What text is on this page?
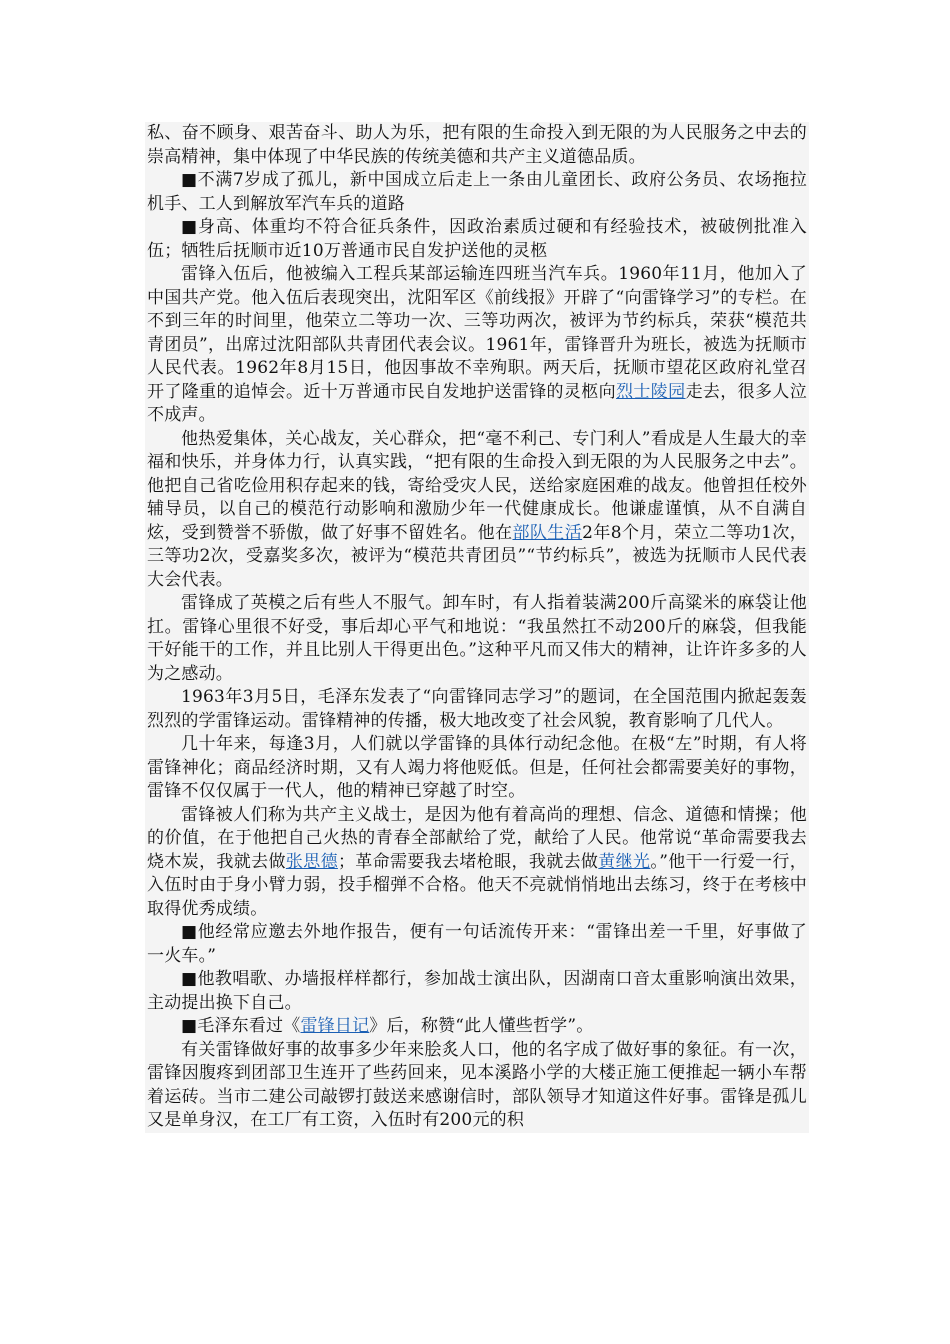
私、奋不顾身、艰苦奋斗、助人为乐，把有限的生命投入到无限的为人民服务之中去的崇高精神，集中体现了中华民族的传统美德和共产主义道德品质。

■不满7岁成了孤儿，新中国成立后走上一条由儿童团长、政府公务员、农场拖拉机手、工人到解放军汽车兵的道路

■身高、体重均不符合征兵条件，因政治素质过硬和有经验技术，被破例批准入伍；牺牲后抚顺市近10万普通市民自发护送他的灵柩

雷锋入伍后，他被编入工程兵某部运输连四班当汽车兵。1960年11月，他加入了中国共产党。他入伍后表现突出，沈阳军区《前线报》开辟了“向雷锋学习”的专栏。在不到三年的时间里，他荣立二等功一次、三等功两次，被评为节约标兵，荣获“模范共青团员”，出席过沈阳部队共青团代表会议。1961年，雷锋晋升为班长，被选为抚顺市人民代表。1962年8月15日，他因事故不幸殉职。两天后，抚顺市望花区政府礼堂召开了隆重的追悼会。近十万普通市民自发地护送雷锋的灵柩向烈士陵园走去，很多人泣不成声。

他热爱集体，关心战友，关心群众，把“毫不利己、专门利人”看成是人生最大的幸福和快乐，并身体力行，认真实践，“把有限的生命投入到无限的为人民服务之中去”。他把自己省吃俭用积存起来的钱，寄给受灾人民，送给家庭困难的战友。他曾担任校外辅导员，以自己的模范行动影响和激励少年一代健康成长。他谦虚谨慎，从不自满自炫，受到赞誉不骄傲，做了好事不留姓名。他在部队生活2年8个月，荣立二等功1次，三等功2次，受嘉奖多次，被评为“模范共青团员”“节约标兵”，被选为抚顺市人民代表大会代表。

雷锋成了英模之后有些人不服气。卸车时，有人指着装满200斤高粱米的麻袋让他扛。雷锋心里很不好受，事后却心平气和地说：“我虽然扛不动200斤的麻袋，但我能干好能干的工作，并且比别人干得更出色。”这种平凡而又伟大的精神，让许许多多的人为之感动。

1963年3月5日，毛泽东发表了“向雷锋同志学习”的题词，在全国范围内掀起轰轰烈烈的学雷锋运动。雷锋精神的传播，极大地改变了社会风貌，教育影响了几代人。

几十年来，每逢3月，人们就以学雷锋的具体行动纪念他。在极“左”时期，有人将雷锋神化；商品经济时期，又有人竭力将他贬低。但是，任何社会都需要美好的事物，雷锋不仅仅属于一代人，他的精神已穿越了时空。

雷锋被人们称为共产主义战士，是因为他有着高尚的理想、信念、道德和情操；他的价值，在于他把自己火热的青春全部献给了党，献给了人民。他常说“革命需要我去烧木炭，我就去做张思德；革命需要我去堵枪眼，我就去做黄继光。”他干一行爱一行，入伍时由于身小臂力弱，投手榴弹不合格。他天不亮就悄悄地出去练习，终于在考核中取得优秀成绩。

■他经常应邀去外地作报告，便有一句话流传开来：“雷锋出差一千里，好事做了一火车。”

■他教唱歌、办墙报样样都行，参加战士演出队，因湖南口音太重影响演出效果，主动提出换下自己。

■毛泽东看过《雷锋日记》后，称赞“此人懂些哲学”。

有关雷锋做好事的故事多少年来脍炙人口，他的名字成了做好事的象征。有一次，雷锋因腹疼到团部卫生连开了些药回来，见本溪路小学的大楼正施工便推起一辆小车帮着运砖。当市二建公司敲锣打鼓送来感谢信时，部队领导才知道这件好事。雷锋是孤儿又是单身汉，在工厂有工资，入伍时有200元的积
